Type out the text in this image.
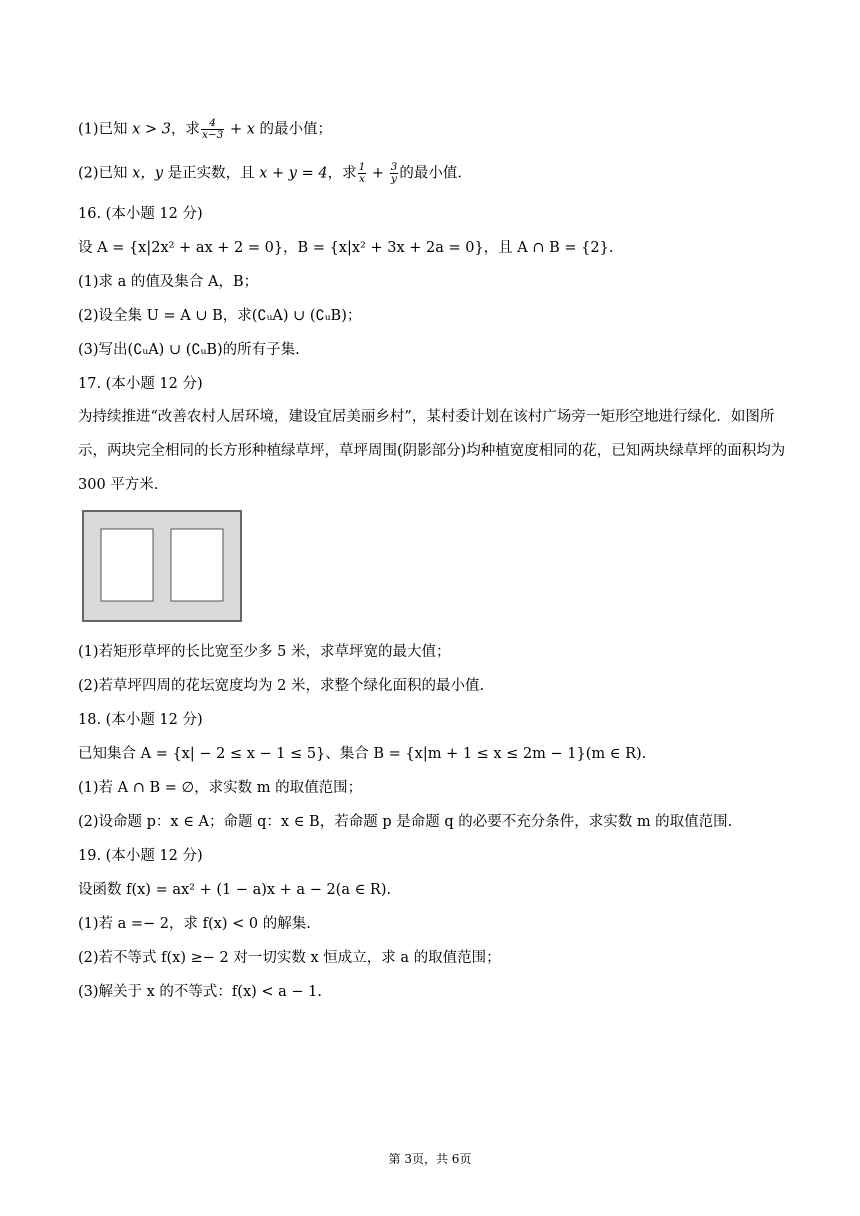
(1)已知 x > 3，求 $\frac{4}{x-3} + x$ 的最小值；
(2)已知 x，y 是正实数，且 x + y = 4，求 $\frac{1}{x} + \frac{3}{y}$ 的最小值.
16. (本小题 12 分)
设 A = {x|2x² + ax + 2 = 0}，B = {x|x² + 3x + 2a = 0}，且 A ∩ B = {2}.
(1)求 a 的值及集合 A，B；
(2)设全集 U = A ∪ B，求(∁ᵤA) ∪ (∁ᵤB)；
(3)写出(∁ᵤA) ∪ (∁ᵤB)的所有子集.
17. (本小题 12 分)
为持续推进“改善农村人居环境，建设宜居美丽乡村”，某村委计划在该村广场旁一矩形空地进行绿化．如图所示，两块完全相同的长方形种植绿草坪，草坪周围(阴影部分)均种植宽度相同的花，已知两块绿草坪的面积均为 300 平方米.
(1)若矩形草坪的长比宽至少多 5 米，求草坪宽的最大值；
(2)若草坪四周的花坛宽度均为 2 米，求整个绿化面积的最小值.
18. (本小题 12 分)
已知集合 A = {x| − 2 ≤ x − 1 ≤ 5}、集合 B = {x|m + 1 ≤ x ≤ 2m − 1}(m ∈ R).
(1)若 A ∩ B = ∅，求实数 m 的取值范围；
(2)设命题 p：x ∈ A；命题 q：x ∈ B，若命题 p 是命题 q 的必要不充分条件，求实数 m 的取值范围.
19. (本小题 12 分)
设函数 f(x) = ax² + (1 − a)x + a − 2(a ∈ R).
(1)若 a =− 2，求 f(x) < 0 的解集.
(2)若不等式 f(x) ≥− 2 对一切实数 x 恒成立，求 a 的取值范围；
(3)解关于 x 的不等式：f(x) < a − 1.
第 3页，共 6页
